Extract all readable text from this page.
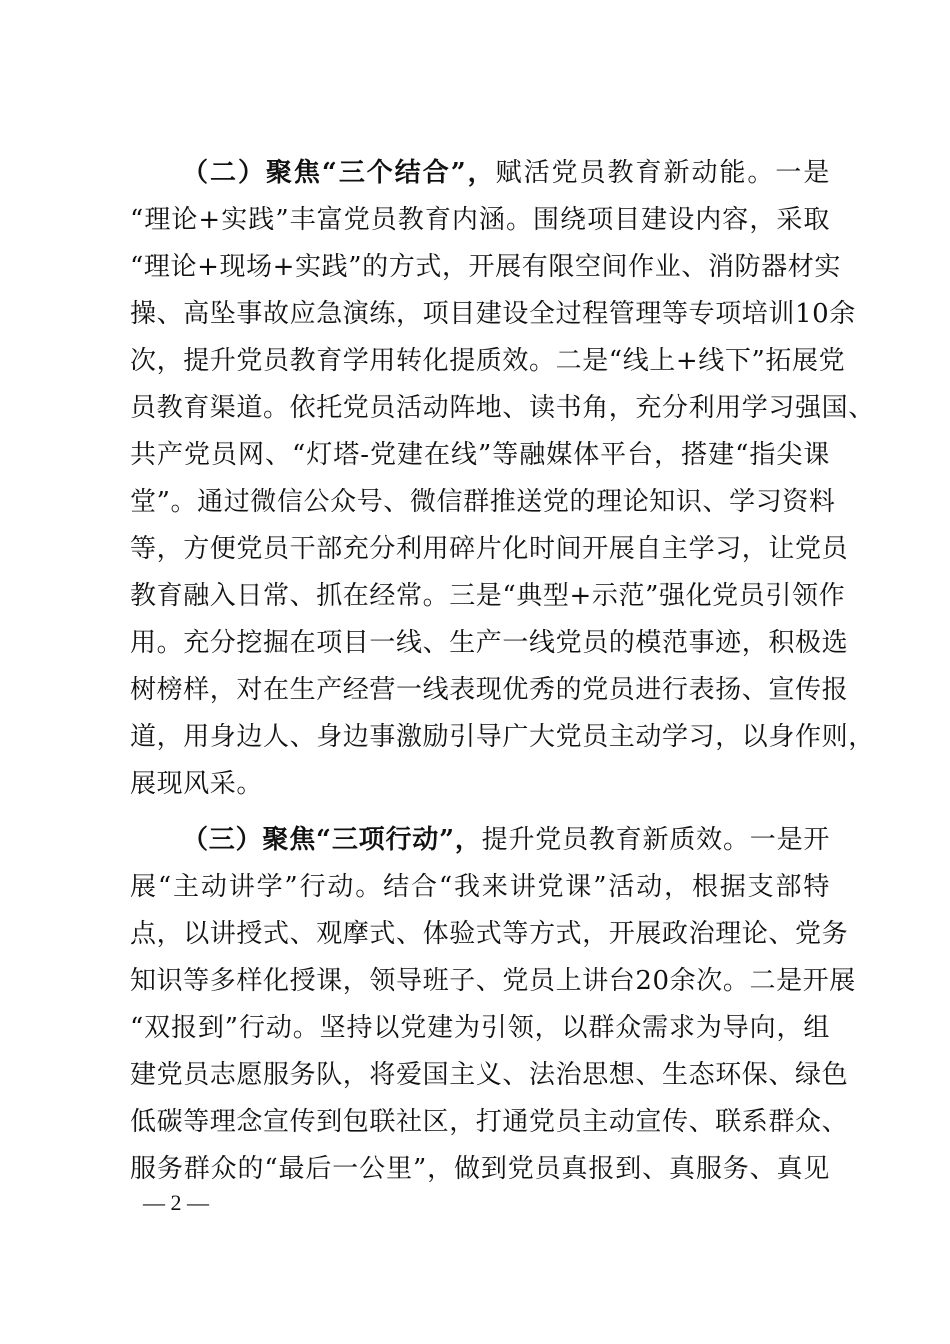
（二）聚焦“三个结合”，赋活党员教育新动能。一是
“理论+实践”丰富党员教育内涵。围绕项目建设内容，采取
“理论+现场+实践”的方式，开展有限空间作业、消防器材实
操、高坠事故应急演练，项目建设全过程管理等专项培训10余
次，提升党员教育学用转化提质效。二是“线上+线下”拓展党
员教育渠道。依托党员活动阵地、读书角，充分利用学习强国、
共产党员网、“灯塔-党建在线”等融媒体平台，搭建“指尖课
堂”。通过微信公众号、微信群推送党的理论知识、学习资料
等，方便党员干部充分利用碎片化时间开展自主学习，让党员
教育融入日常、抓在经常。三是“典型+示范”强化党员引领作
用。充分挖掘在项目一线、生产一线党员的模范事迹，积极选
树榜样，对在生产经营一线表现优秀的党员进行表扬、宣传报
道，用身边人、身边事激励引导广大党员主动学习，以身作则，
展现风采。
（三）聚焦“三项行动”，提升党员教育新质效。一是开
展“主动讲学”行动。结合“我来讲党课”活动，根据支部特
点，以讲授式、观摩式、体验式等方式，开展政治理论、党务
知识等多样化授课，领导班子、党员上讲台20余次。二是开展
“双报到”行动。坚持以党建为引领，以群众需求为导向，组
建党员志愿服务队，将爱国主义、法治思想、生态环保、绿色
低碳等理念宣传到包联社区，打通党员主动宣传、联系群众、
服务群众的“最后一公里”，做到党员真报到、真服务、真见
— 2 —
